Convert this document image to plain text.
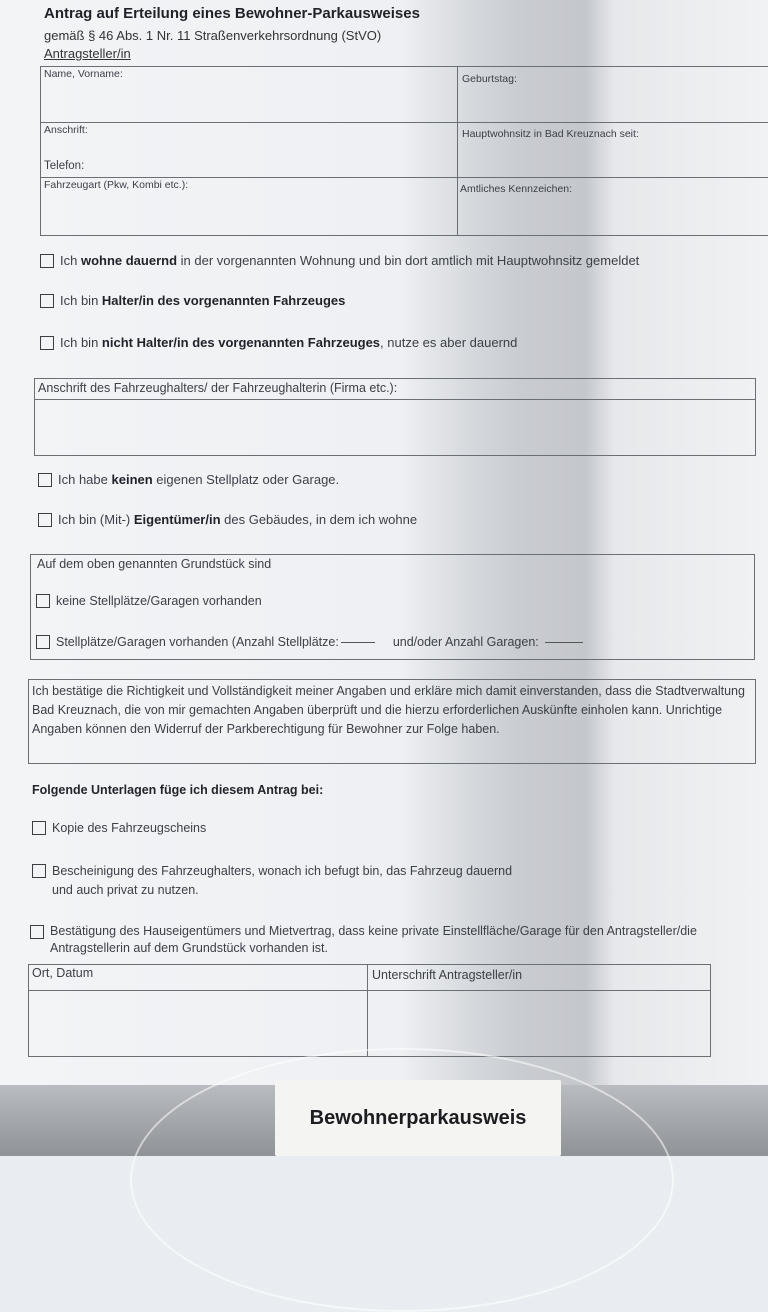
Antrag auf Erteilung eines Bewohner-Parkausweises
gemäß § 46 Abs. 1 Nr. 11 Straßenverkehrsordnung (StVO)
Antragsteller/in
Name, Vorname:	Geburtstag:
Anschrift:	Hauptwohnsitz in Bad Kreuznach seit:
Telefon:
Fahrzeugart (Pkw, Kombi etc.):	Amtliches Kennzeichen:
Ich wohne dauernd in der vorgenannten Wohnung und bin dort amtlich mit Hauptwohnsitz gemeldet
Ich bin Halter/in des vorgenannten Fahrzeuges
Ich bin nicht Halter/in des vorgenannten Fahrzeuges, nutze es aber dauernd
Anschrift des Fahrzeughalters/ der Fahrzeughalterin (Firma etc.):
Ich habe keinen eigenen Stellplatz oder Garage.
Ich bin (Mit-) Eigentümer/in des Gebäudes, in dem ich wohne
Auf dem oben genannten Grundstück sind
keine Stellplätze/Garagen vorhanden
Stellplätze/Garagen vorhanden (Anzahl Stellplätze:	und/oder Anzahl Garagen:
Ich bestätige die Richtigkeit und Vollständigkeit meiner Angaben und erkläre mich damit einverstanden, dass die Stadtverwaltung Bad Kreuznach, die von mir gemachten Angaben überprüft und die hierzu erforderlichen Auskünfte einholen kann. Unrichtige Angaben können den Widerruf der Parkberechtigung für Bewohner zur Folge haben.
Folgende Unterlagen füge ich diesem Antrag bei:
Kopie des Fahrzeugscheins
Bescheinigung des Fahrzeughalters, wonach ich befugt bin, das Fahrzeug dauernd und auch privat zu nutzen.
Bestätigung des Hauseigentümers und Mietvertrag, dass keine private Einstellfläche/Garage für den Antragsteller/die Antragstellerin auf dem Grundstück vorhanden ist.
Ort, Datum	Unterschrift Antragsteller/in
Bewohnerparkausweis
